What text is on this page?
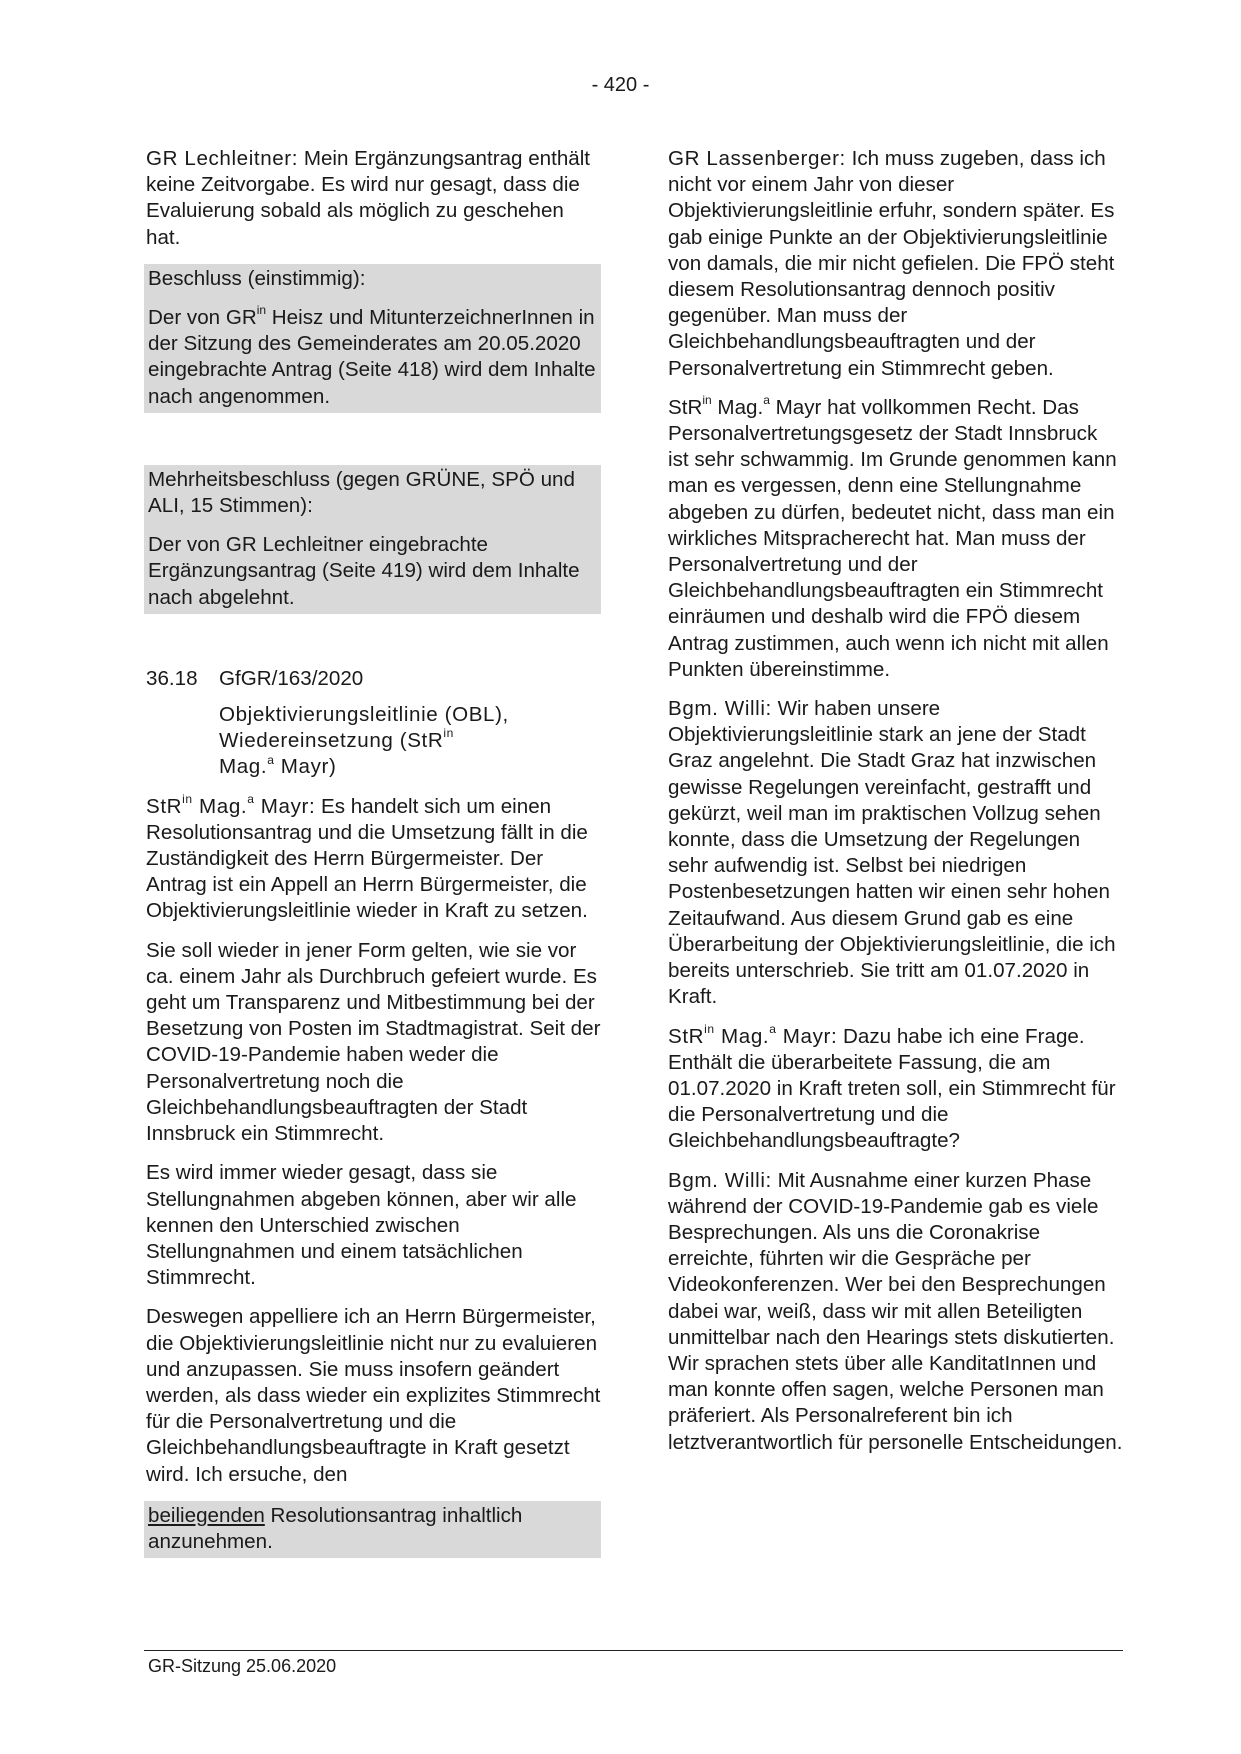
- 420 -

GR Lechleitner: Mein Ergänzungsantrag enthält keine Zeitvorgabe. Es wird nur gesagt, dass die Evaluierung sobald als möglich zu geschehen hat.

Beschluss (einstimmig):

Der von $GR^{in}$ Heisz und MitunterzeichnerInnen in der Sitzung des Gemeinderates am 20.05.2020 eingebrachte Antrag (Seite 418) wird dem Inhalte nach angenommen.

Mehrheitsbeschluss (gegen GRÜNE, SPÖ und ALI, 15 Stimmen):

Der von GR Lechleitner eingebrachte Ergänzungsantrag (Seite 419) wird dem Inhalte nach abgelehnt.

36.18	GfGR/163/2020

Objektivierungsleitlinie (OBL), Wiedereinsetzung (StR$^{in}$
Mag.$^a$ Mayr)

StR$^{in}$ Mag.$^a$ Mayr: Es handelt sich um einen Resolutionsantrag und die Umsetzung fällt in die Zuständigkeit des Herrn Bürgermeister. Der Antrag ist ein Appell an Herrn Bürgermeister, die Objektivierungsleitlinie wieder in Kraft zu setzen.

Sie soll wieder in jener Form gelten, wie sie vor ca. einem Jahr als Durchbruch gefeiert wurde. Es geht um Transparenz und Mitbestimmung bei der Besetzung von Posten im Stadtmagistrat. Seit der COVID-19-Pandemie haben weder die Personalvertretung noch die Gleichbehandlungsbeauftragten der Stadt Innsbruck ein Stimmrecht.

Es wird immer wieder gesagt, dass sie Stellungnahmen abgeben können, aber wir alle kennen den Unterschied zwischen Stellungnahmen und einem tatsächlichen Stimmrecht.

Deswegen appelliere ich an Herrn Bürgermeister, die Objektivierungsleitlinie nicht nur zu evaluieren und anzupassen. Sie muss insofern geändert werden, als dass wieder ein explizites Stimmrecht für die Personalvertretung und die Gleichbehandlungsbeauftragte in Kraft gesetzt wird. Ich ersuche, den

beiliegenden Resolutionsantrag inhaltlich anzunehmen.

GR Lassenberger: Ich muss zugeben, dass ich nicht vor einem Jahr von dieser Objektivierungsleitlinie erfuhr, sondern später. Es gab einige Punkte an der Objektivierungsleitlinie von damals, die mir nicht gefielen. Die FPÖ steht diesem Resolutionsantrag dennoch positiv gegenüber. Man muss der Gleichbehandlungsbeauftragten und der Personalvertretung ein Stimmrecht geben.

StR$^{in}$ Mag.$^a$ Mayr hat vollkommen Recht. Das Personalvertretungsgesetz der Stadt Innsbruck ist sehr schwammig. Im Grunde genommen kann man es vergessen, denn eine Stellungnahme abgeben zu dürfen, bedeutet nicht, dass man ein wirkliches Mitspracherecht hat. Man muss der Personalvertretung und der Gleichbehandlungsbeauftragten ein Stimmrecht einräumen und deshalb wird die FPÖ diesem Antrag zustimmen, auch wenn ich nicht mit allen Punkten übereinstimme.

Bgm. Willi: Wir haben unsere Objektivierungsleitlinie stark an jene der Stadt Graz angelehnt. Die Stadt Graz hat inzwischen gewisse Regelungen vereinfacht, gestrafft und gekürzt, weil man im praktischen Vollzug sehen konnte, dass die Umsetzung der Regelungen sehr aufwendig ist. Selbst bei niedrigen Postenbesetzungen hatten wir einen sehr hohen Zeitaufwand. Aus diesem Grund gab es eine Überarbeitung der Objektivierungsleitlinie, die ich bereits unterschrieb. Sie tritt am 01.07.2020 in Kraft.

StR$^{in}$ Mag.$^a$ Mayr: Dazu habe ich eine Frage. Enthält die überarbeitete Fassung, die am 01.07.2020 in Kraft treten soll, ein Stimmrecht für die Personalvertretung und die Gleichbehandlungsbeauftragte?

Bgm. Willi: Mit Ausnahme einer kurzen Phase während der COVID-19-Pandemie gab es viele Besprechungen. Als uns die Coronakrise erreichte, führten wir die Gespräche per Videokonferenzen. Wer bei den Besprechungen dabei war, weiß, dass wir mit allen Beteiligten unmittelbar nach den Hearings stets diskutierten. Wir sprachen stets über alle KanditatInnen und man konnte offen sagen, welche Personen man präferiert. Als Personalreferent bin ich letztverantwortlich für personelle Entscheidungen.

GR-Sitzung 25.06.2020
